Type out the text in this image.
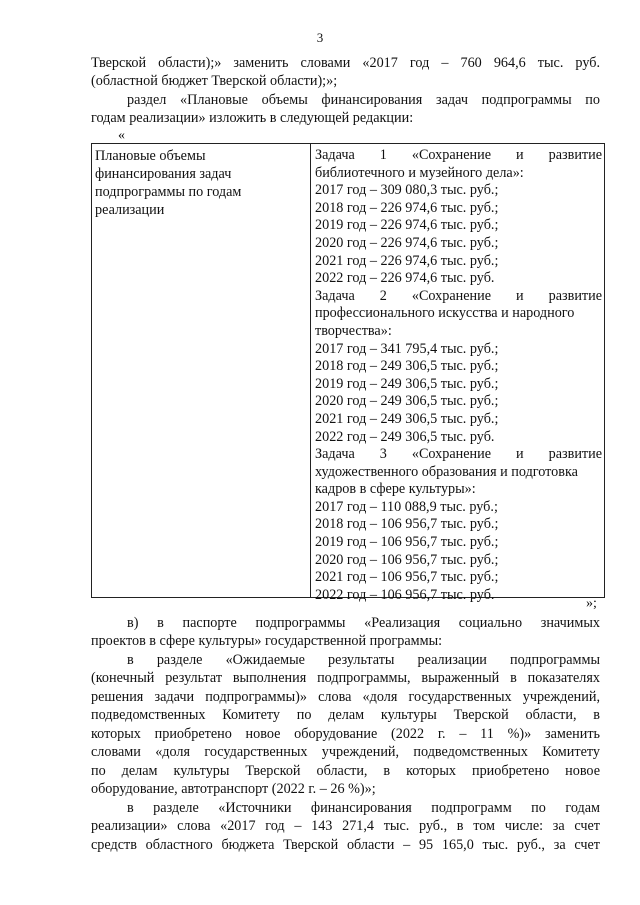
3
Тверской области);» заменить словами «2017 год – 760 964,6 тыс. руб.
(областной бюджет Тверской области);»;
раздел «Плановые объемы финансирования задач подпрограммы по
годам реализации» изложить в следующей редакции:
«
Плановые объемы
финансирования задач
подпрограммы по годам
реализации
Задача 1 «Сохранение и развитие
библиотечного и музейного дела»:
2017 год – 309 080,3 тыс. руб.;
2018 год – 226 974,6 тыс. руб.;
2019 год – 226 974,6 тыс. руб.;
2020 год – 226 974,6 тыс. руб.;
2021 год – 226 974,6 тыс. руб.;
2022 год – 226 974,6 тыс. руб.
Задача 2 «Сохранение и развитие
профессионального искусства и народного
творчества»:
2017 год – 341 795,4 тыс. руб.;
2018 год – 249 306,5 тыс. руб.;
2019 год – 249 306,5 тыс. руб.;
2020 год – 249 306,5 тыс. руб.;
2021 год – 249 306,5 тыс. руб.;
2022 год – 249 306,5 тыс. руб.
Задача 3 «Сохранение и развитие
художественного образования и подготовка
кадров в сфере культуры»:
2017 год – 110 088,9 тыс. руб.;
2018 год – 106 956,7 тыс. руб.;
2019 год – 106 956,7 тыс. руб.;
2020 год – 106 956,7 тыс. руб.;
2021 год – 106 956,7 тыс. руб.;
2022 год – 106 956,7 тыс. руб.
»;
в) в паспорте подпрограммы «Реализация социально значимых
проектов в сфере культуры» государственной программы:
в разделе «Ожидаемые результаты реализации подпрограммы
(конечный результат выполнения подпрограммы, выраженный в показателях
решения задачи подпрограммы)» слова «доля государственных учреждений,
подведомственных Комитету по делам культуры Тверской области, в
которых приобретено новое оборудование (2022 г. – 11 %)» заменить
словами «доля государственных учреждений, подведомственных Комитету
по делам культуры Тверской области, в которых приобретено новое
оборудование, автотранспорт (2022 г. – 26 %)»;
в разделе «Источники финансирования подпрограмм по годам
реализации» слова «2017 год – 143 271,4 тыс. руб., в том числе: за счет
средств областного бюджета Тверской области – 95 165,0 тыс. руб., за счет
